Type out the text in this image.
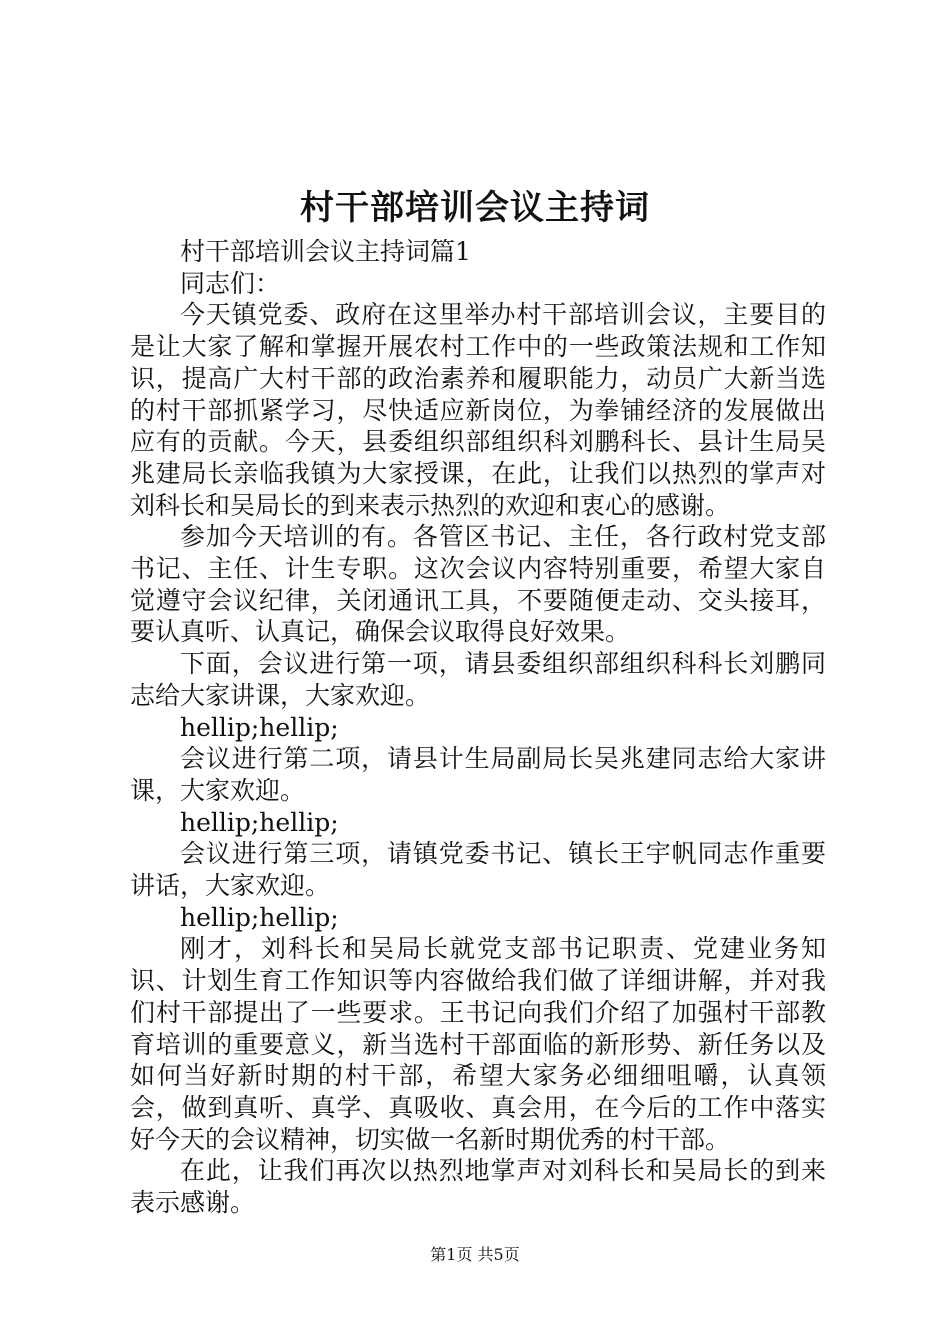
村干部培训会议主持词

村干部培训会议主持词篇1

同志们：

今天镇党委、政府在这里举办村干部培训会议，主要目的是让大家了解和掌握开展农村工作中的一些政策法规和工作知识，提高广大村干部的政治素养和履职能力，动员广大新当选的村干部抓紧学习，尽快适应新岗位，为拳铺经济的发展做出应有的贡献。今天，县委组织部组织科刘鹏科长、县计生局吴兆建局长亲临我镇为大家授课，在此，让我们以热烈的掌声对刘科长和吴局长的到来表示热烈的欢迎和衷心的感谢。

参加今天培训的有。各管区书记、主任，各行政村党支部书记、主任、计生专职。这次会议内容特别重要，希望大家自觉遵守会议纪律，关闭通讯工具，不要随便走动、交头接耳，要认真听、认真记，确保会议取得良好效果。

下面，会议进行第一项，请县委组织部组织科科长刘鹏同志给大家讲课，大家欢迎。

hellip;hellip;

会议进行第二项，请县计生局副局长吴兆建同志给大家讲课，大家欢迎。

hellip;hellip;

会议进行第三项，请镇党委书记、镇长王宇帆同志作重要讲话，大家欢迎。

hellip;hellip;

刚才，刘科长和吴局长就党支部书记职责、党建业务知识、计划生育工作知识等内容做给我们做了详细讲解，并对我们村干部提出了一些要求。王书记向我们介绍了加强村干部教育培训的重要意义，新当选村干部面临的新形势、新任务以及如何当好新时期的村干部，希望大家务必细细咀嚼，认真领会，做到真听、真学、真吸收、真会用，在今后的工作中落实好今天的会议精神，切实做一名新时期优秀的村干部。

在此，让我们再次以热烈地掌声对刘科长和吴局长的到来表示感谢。

第1页 共5页
